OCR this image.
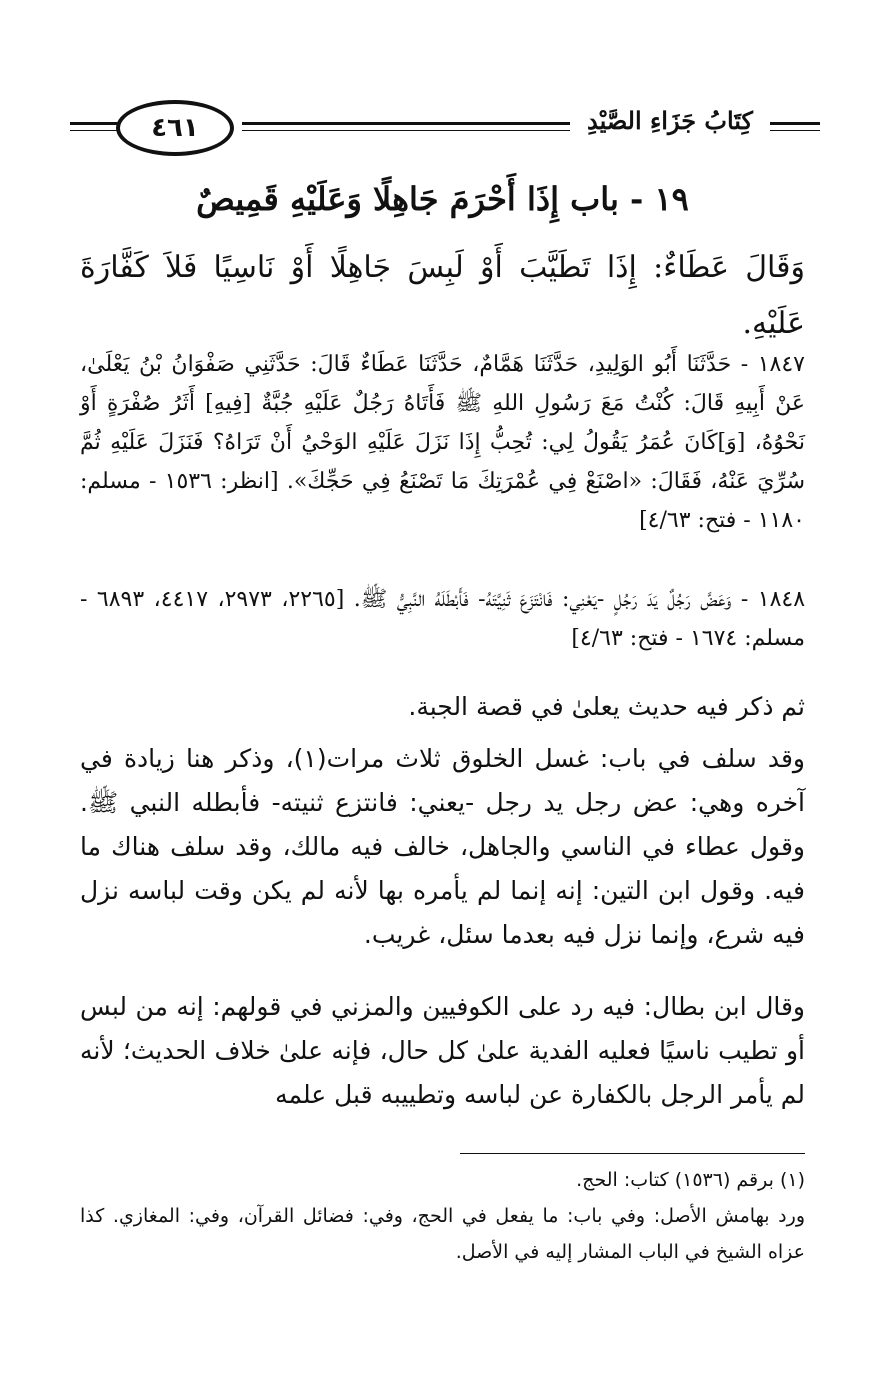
٤٦١	كِتَابُ جَزَاءِ الصَّيْدِ
١٩ - باب إِذَا أَحْرَمَ جَاهِلًا وَعَلَيْهِ قَمِيصٌ
وَقَالَ عَطَاءٌ: إِذَا تَطَيَّبَ أَوْ لَبِسَ جَاهِلًا أَوْ نَاسِيًا فَلاَ كَفَّارَةَ عَلَيْهِ.
١٨٤٧ - حَدَّثَنَا أَبُو الوَلِيدِ، حَدَّثَنَا هَمَّامٌ، حَدَّثَنَا عَطَاءٌ قَالَ: حَدَّثَنِي صَفْوَانُ بْنُ يَعْلَىٰ، عَنْ أَبِيهِ قَالَ: كُنْتُ مَعَ رَسُولِ اللهِ ﷺ فَأَتَاهُ رَجُلٌ عَلَيْهِ جُبَّةٌ [فِيهِ] أَثَرُ صُفْرَةٍ أَوْ نَحْوُهُ، [وَ]كَانَ عُمَرُ يَقُولُ لِي: تُحِبُّ إِذَا نَزَلَ عَلَيْهِ الوَحْيُ أَنْ تَرَاهُ؟ فَنَزَلَ عَلَيْهِ ثُمَّ سُرِّيَ عَنْهُ، فَقَالَ: «اصْنَعْ فِي عُمْرَتِكَ مَا تَصْنَعُ فِي حَجِّكَ». [انظر: ١٥٣٦ - مسلم: ١١٨٠ - فتح: ٤/٦٣]
١٨٤٨ - وَعَضَّ رَجُلٌ يَدَ رَجُلٍ -يَعْنِي: فَانْتَزَعَ ثَنِيَّتَهُ- فَأَبْطَلَهُ النَّبِيُّ ﷺ. [٢٢٦٥، ٢٩٧٣، ٤٤١٧، ٦٨٩٣ - مسلم: ١٦٧٤ - فتح: ٤/٦٣]
ثم ذكر فيه حديث يعلىٰ في قصة الجبة.
وقد سلف في باب: غسل الخلوق ثلاث مرات(١)، وذكر هنا زيادة في آخره وهي: عض رجل يد رجل -يعني: فانتزع ثنيته- فأبطله النبي ﷺ. وقول عطاء في الناسي والجاهل، خالف فيه مالك، وقد سلف هناك ما فيه. وقول ابن التين: إنه إنما لم يأمره بها لأنه لم يكن وقت لباسه نزل فيه شرع، وإنما نزل فيه بعدما سئل، غريب.
وقال ابن بطال: فيه رد على الكوفيين والمزني في قولهم: إنه من لبس أو تطيب ناسيًا فعليه الفدية علىٰ كل حال، فإنه علىٰ خلاف الحديث؛ لأنه لم يأمر الرجل بالكفارة عن لباسه وتطييبه قبل علمه

(١) برقم (١٥٣٦) كتاب: الحج.

ورد بهامش الأصل: وفي باب: ما يفعل في الحج، وفي: فضائل القرآن، وفي: المغازي. كذا عزاه الشيخ في الباب المشار إليه في الأصل.
